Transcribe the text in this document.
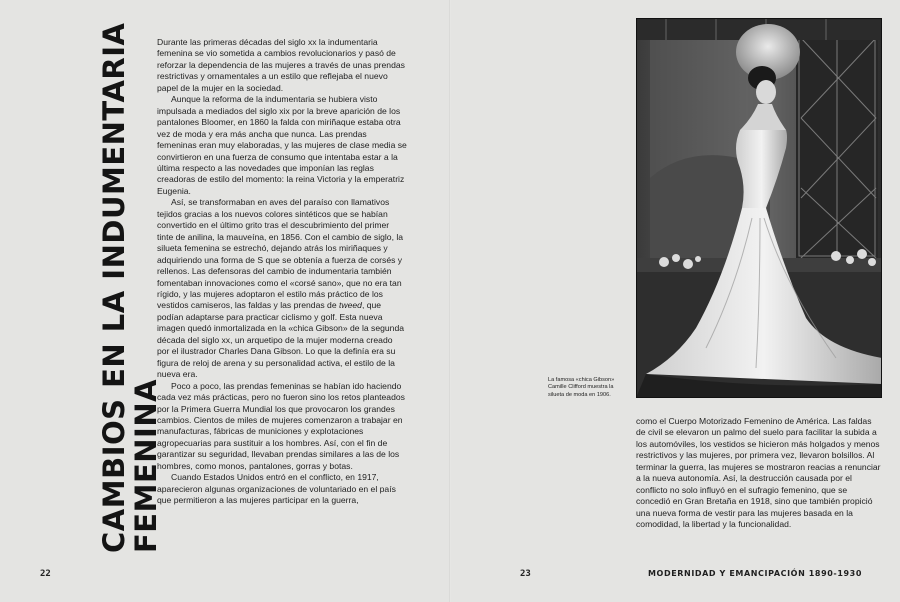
CAMBIOS EN LA INDUMENTARIA
FEMENINA

Durante las primeras décadas del siglo xx la indumentaria femenina se vio sometida a cambios revolucionarios y pasó de reforzar la dependencia de las mujeres a través de unas prendas restrictivas y ornamentales a un estilo que reflejaba el nuevo papel de la mujer en la sociedad.

Aunque la reforma de la indumentaria se hubiera visto impulsada a mediados del siglo xix por la breve aparición de los pantalones Bloomer, en 1860 la falda con miriñaque estaba otra vez de moda y era más ancha que nunca. Las prendas femeninas eran muy elaboradas, y las mujeres de clase media se convirtieron en una fuerza de consumo que intentaba estar a la última respecto a las novedades que imponían las reglas creadoras de estilo del momento: la reina Victoria y la emperatriz Eugenia.

Así, se transformaban en aves del paraíso con llamativos tejidos gracias a los nuevos colores sintéticos que se habían convertido en el último grito tras el descubrimiento del primer tinte de anilina, la mauveína, en 1856. Con el cambio de siglo, la silueta femenina se estrechó, dejando atrás los miriñaques y adquiriendo una forma de S que se obtenía a fuerza de corsés y rellenos. Las defensoras del cambio de indumentaria también fomentaban innovaciones como el «corsé sano», que no era tan rígido, y las mujeres adoptaron el estilo más práctico de los vestidos camiseros, las faldas y las prendas de tweed, que podían adaptarse para practicar ciclismo y golf. Esta nueva imagen quedó inmortalizada en la «chica Gibson» de la segunda década del siglo xx, un arquetipo de la mujer moderna creado por el ilustrador Charles Dana Gibson. Lo que la definía era su figura de reloj de arena y su personalidad activa, el estilo de la nueva era.

Poco a poco, las prendas femeninas se habían ido haciendo cada vez más prácticas, pero no fueron sino los retos planteados por la Primera Guerra Mundial los que provocaron los grandes cambios. Cientos de miles de mujeres comenzaron a trabajar en manufacturas, fábricas de municiones y explotaciones agropecuarias para sustituir a los hombres. Así, con el fin de garantizar su seguridad, llevaban prendas similares a las de los hombres, como monos, pantalones, gorras y botas.

Cuando Estados Unidos entró en el conflicto, en 1917, aparecieron algunas organizaciones de voluntariado en el país que permitieron a las mujeres participar en la guerra,

La famosa «chica Gibson» Camille Clifford muestra la silueta de moda en 1906.
como el Cuerpo Motorizado Femenino de América. Las faldas de civil se elevaron un palmo del suelo para facilitar la subida a los automóviles, los vestidos se hicieron más holgados y menos restrictivos y las mujeres, por primera vez, llevaron bolsillos. Al terminar la guerra, las mujeres se mostraron reacias a renunciar a la nueva autonomía. Así, la destrucción causada por el conflicto no solo influyó en el sufragio femenino, que se concedió en Gran Bretaña en 1918, sino que también propició una nueva forma de vestir para las mujeres basada en la comodidad, la libertad y la funcionalidad.
22	23	MODERNIDAD Y EMANCIPACIÓN 1890-1930
